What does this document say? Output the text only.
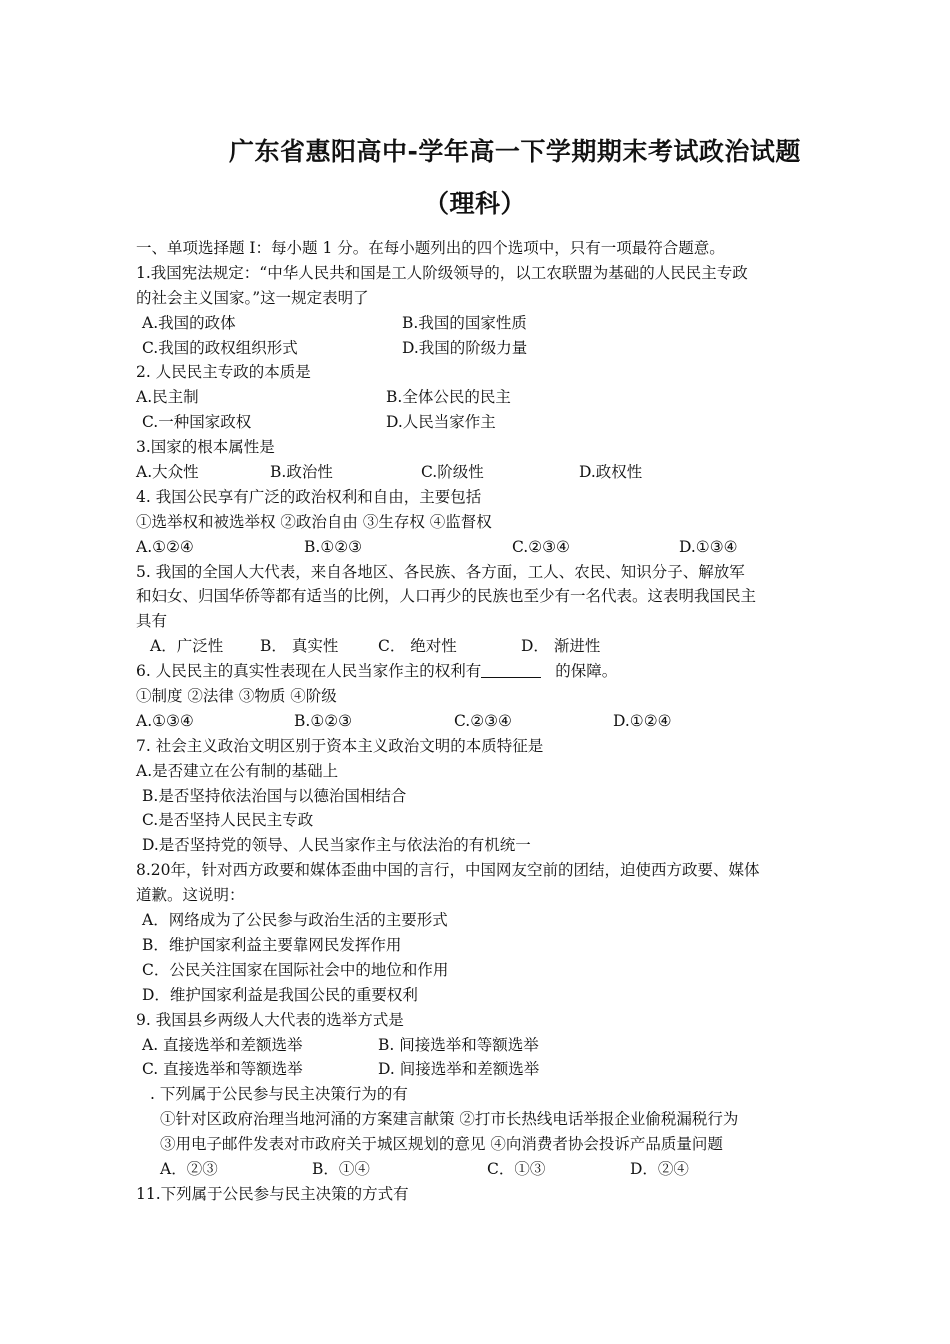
广东省惠阳高中-学年高一下学期期末考试政治试题
（理科）
一、单项选择题 I：每小题 1 分。在每小题列出的四个选项中，只有一项最符合题意。
1.我国宪法规定：“中华人民共和国是工人阶级领导的，以工农联盟为基础的人民民主专政
的社会主义国家。”这一规定表明了
A.我国的政体	B.我国的国家性质
C.我国的政权组织形式	D.我国的阶级力量
2. 人民民主专政的本质是
A.民主制	B.全体公民的民主
C.一种国家政权	D.人民当家作主
3.国家的根本属性是
A.大众性	B.政治性	C.阶级性	D.政权性
4. 我国公民享有广泛的政治权利和自由，主要包括
①选举权和被选举权 ②政治自由 ③生存权 ④监督权
A.①②④	B.①②③	C.②③④	D.①③④
5. 我国的全国人大代表，来自各地区、各民族、各方面，工人、农民、知识分子、解放军
和妇女、归国华侨等都有适当的比例，人口再少的民族也至少有一名代表。这表明我国民主
具有
A．广泛性 B． 真实性	C． 绝对性	D． 渐进性
6. 人民民主的真实性表现在人民当家作主的权利有	的保障。
①制度 ②法律 ③物质 ④阶级
A.①③④	B.①②③	C.②③④	D.①②④
7. 社会主义政治文明区别于资本主义政治文明的本质特征是
A.是否建立在公有制的基础上
B.是否坚持依法治国与以德治国相结合
C.是否坚持人民民主专政
D.是否坚持党的领导、人民当家作主与依法治的有机统一
8.20年，针对西方政要和媒体歪曲中国的言行，中国网友空前的团结，迫使西方政要、媒体
道歉。这说明：
A．网络成为了公民参与政治生活的主要形式
B．维护国家利益主要靠网民发挥作用
C．公民关注国家在国际社会中的地位和作用
D．维护国家利益是我国公民的重要权利
9. 我国县乡两级人大代表的选举方式是
A. 直接选举和差额选举	B. 间接选举和等额选举
C. 直接选举和等额选举	D. 间接选举和差额选举
. 下列属于公民参与民主决策行为的有
①针对区政府治理当地河涌的方案建言献策 ②打市长热线电话举报企业偷税漏税行为
③用电子邮件发表对市政府关于城区规划的意见 ④向消费者协会投诉产品质量问题
A．②③	B．①④	C．①③	D．②④
11.下列属于公民参与民主决策的方式有
